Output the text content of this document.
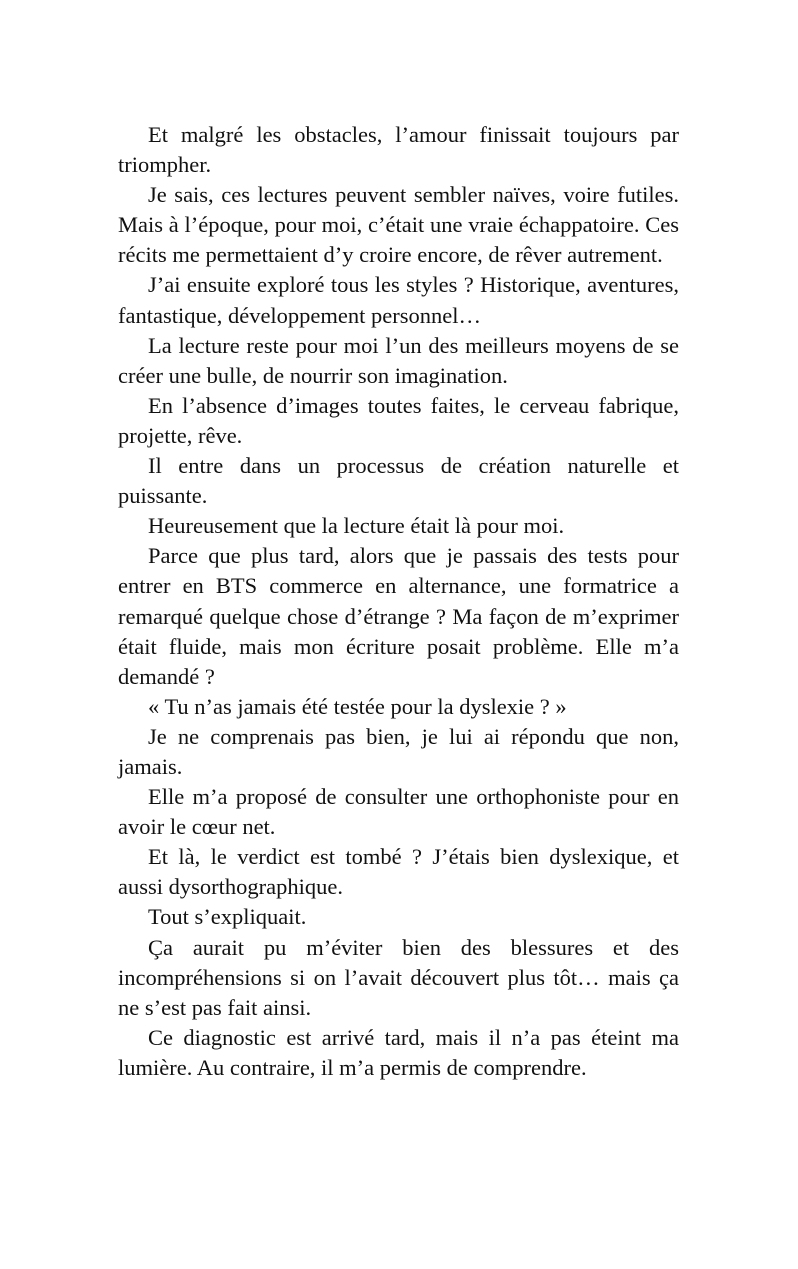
Et malgré les obstacles, l’amour finissait toujours par triompher.

Je sais, ces lectures peuvent sembler naïves, voire futiles. Mais à l’époque, pour moi, c’était une vraie échappatoire. Ces récits me permettaient d’y croire encore, de rêver autrement.

J’ai ensuite exploré tous les styles ? Historique, aventures, fantastique, développement personnel…

La lecture reste pour moi l’un des meilleurs moyens de se créer une bulle, de nourrir son imagination.

En l’absence d’images toutes faites, le cerveau fabrique, projette, rêve.

Il entre dans un processus de création naturelle et puissante.

Heureusement que la lecture était là pour moi.

Parce que plus tard, alors que je passais des tests pour entrer en BTS commerce en alternance, une formatrice a remarqué quelque chose d’étrange ? Ma façon de m’exprimer était fluide, mais mon écriture posait problème. Elle m’a demandé ?

« Tu n’as jamais été testée pour la dyslexie ? »

Je ne comprenais pas bien, je lui ai répondu que non, jamais.

Elle m’a proposé de consulter une orthophoniste pour en avoir le cœur net.

Et là, le verdict est tombé ? J’étais bien dyslexique, et aussi dysorthographique.

Tout s’expliquait.

Ça aurait pu m’éviter bien des blessures et des incompréhensions si on l’avait découvert plus tôt… mais ça ne s’est pas fait ainsi.

Ce diagnostic est arrivé tard, mais il n’a pas éteint ma lumière. Au contraire, il m’a permis de comprendre.
